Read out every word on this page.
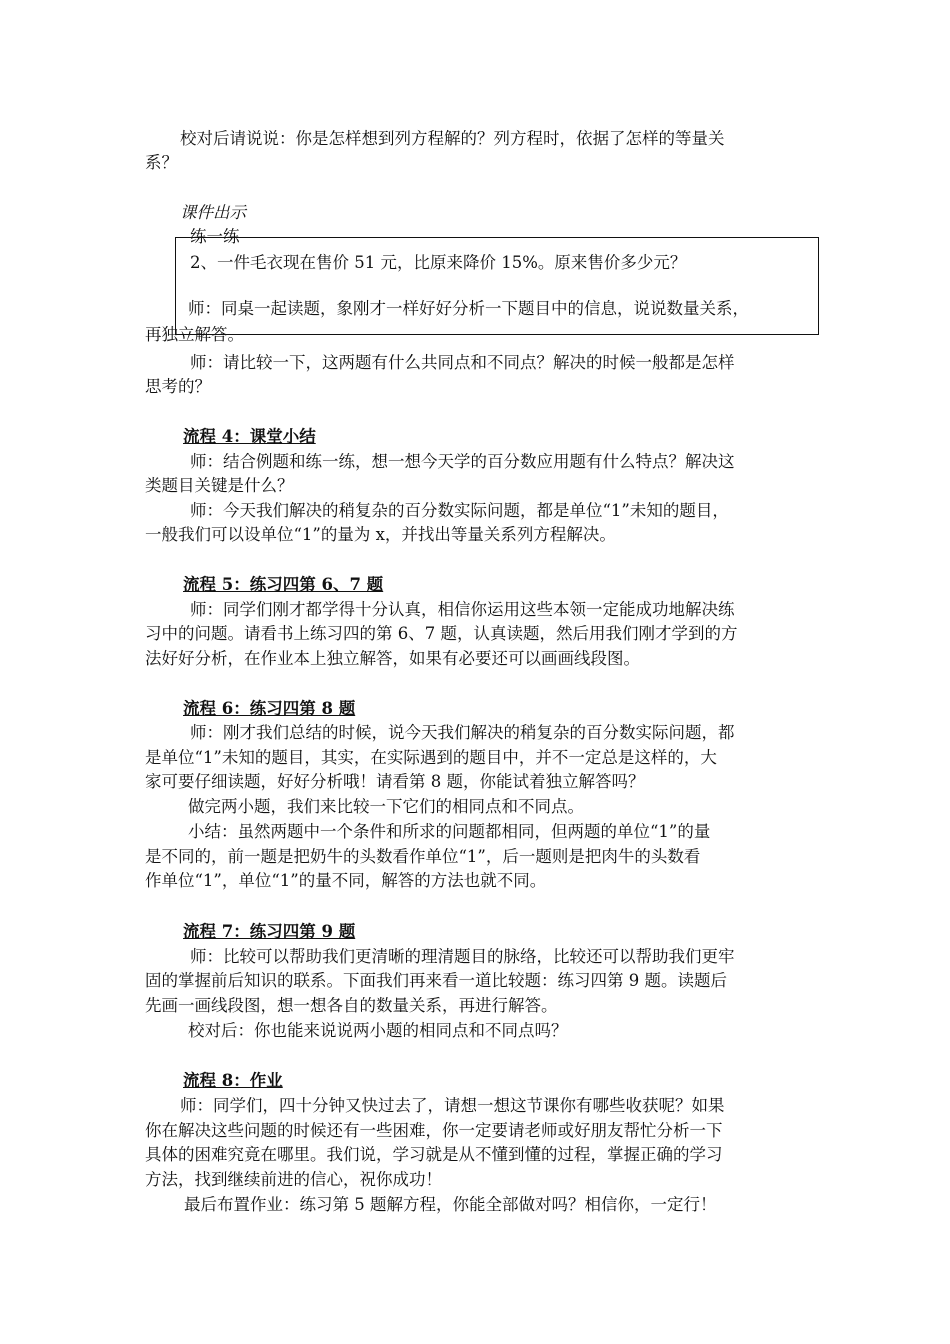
校对后请说说：你是怎样想到列方程解的？列方程时，依据了怎样的等量关
系？
课件出示
练一练
2、一件毛衣现在售价 51 元，比原来降价 15%。原来售价多少元？
师：同桌一起读题，象刚才一样好好分析一下题目中的信息，说说数量关系，
再独立解答。
师：请比较一下，这两题有什么共同点和不同点？解决的时候一般都是怎样
思考的？
流程 4：课堂小结
师：结合例题和练一练，想一想今天学的百分数应用题有什么特点？解决这
类题目关键是什么？
师：今天我们解决的稍复杂的百分数实际问题，都是单位“1”未知的题目，
一般我们可以设单位“1”的量为 x，并找出等量关系列方程解决。
流程 5：练习四第 6、7 题
师：同学们刚才都学得十分认真，相信你运用这些本领一定能成功地解决练
习中的问题。请看书上练习四的第 6、7 题，认真读题，然后用我们刚才学到的方
法好好分析，在作业本上独立解答，如果有必要还可以画画线段图。
流程 6：练习四第 8 题
师：刚才我们总结的时候，说今天我们解决的稍复杂的百分数实际问题，都
是单位“1”未知的题目，其实，在实际遇到的题目中，并不一定总是这样的，大
家可要仔细读题，好好分析哦！请看第 8 题，你能试着独立解答吗？
做完两小题，我们来比较一下它们的相同点和不同点。
小结：虽然两题中一个条件和所求的问题都相同，但两题的单位“1”的量
是不同的，前一题是把奶牛的头数看作单位“1”，后一题则是把肉牛的头数看
作单位“1”，单位“1”的量不同，解答的方法也就不同。
流程 7：练习四第 9 题
师：比较可以帮助我们更清晰的理清题目的脉络，比较还可以帮助我们更牢
固的掌握前后知识的联系。下面我们再来看一道比较题：练习四第 9 题。读题后
先画一画线段图，想一想各自的数量关系，再进行解答。
校对后：你也能来说说两小题的相同点和不同点吗？
流程 8：作业
师：同学们，四十分钟又快过去了，请想一想这节课你有哪些收获呢？如果
你在解决这些问题的时候还有一些困难，你一定要请老师或好朋友帮忙分析一下
具体的困难究竟在哪里。我们说，学习就是从不懂到懂的过程，掌握正确的学习
方法，找到继续前进的信心，祝你成功！
最后布置作业：练习第 5 题解方程，你能全部做对吗？相信你，一定行！
